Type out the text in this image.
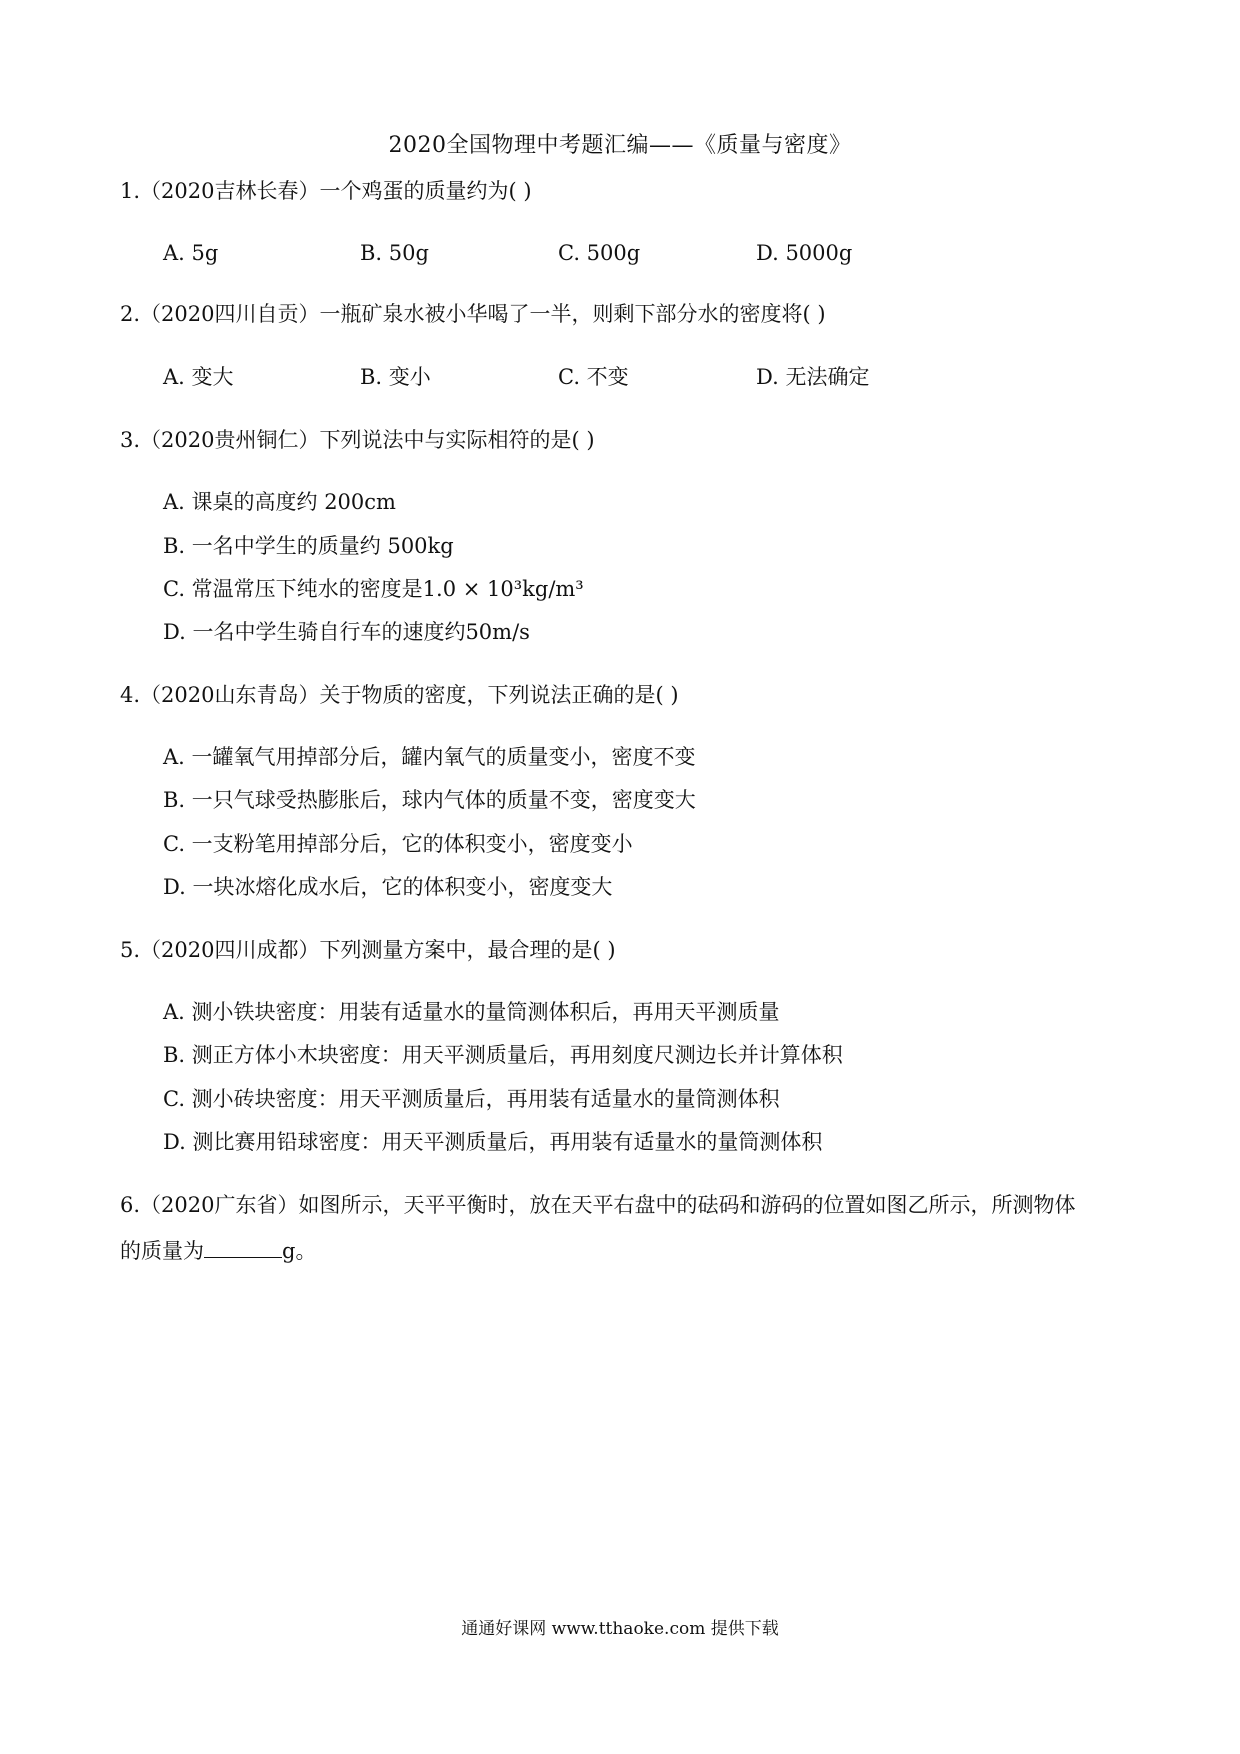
2020全国物理中考题汇编——《质量与密度》
1.（2020吉林长春）一个鸡蛋的质量约为( )
A. 5g	B. 50g	C. 500g	D. 5000g
2.（2020四川自贡）一瓶矿泉水被小华喝了一半，则剩下部分水的密度将( )
A. 变大	B. 变小	C. 不变	D. 无法确定
3.（2020贵州铜仁）下列说法中与实际相符的是( )
A. 课桌的高度约 200cm
B. 一名中学生的质量约 500kg
C. 常温常压下纯水的密度是1.0 × 10³kg/m³
D. 一名中学生骑自行车的速度约50m/s
4.（2020山东青岛）关于物质的密度，下列说法正确的是( )
A. 一罐氧气用掉部分后，罐内氧气的质量变小，密度不变
B. 一只气球受热膨胀后，球内气体的质量不变，密度变大
C. 一支粉笔用掉部分后，它的体积变小，密度变小
D. 一块冰熔化成水后，它的体积变小，密度变大
5.（2020四川成都）下列测量方案中，最合理的是( )
A. 测小铁块密度：用装有适量水的量筒测体积后，再用天平测质量
B. 测正方体小木块密度：用天平测质量后，再用刻度尺测边长并计算体积
C. 测小砖块密度：用天平测质量后，再用装有适量水的量筒测体积
D. 测比赛用铅球密度：用天平测质量后，再用装有适量水的量筒测体积
6.（2020广东省）如图所示，天平平衡时，放在天平右盘中的砝码和游码的位置如图乙所示，所测物体
的质量为	g。
通通好课网 www.tthaoke.com 提供下载
